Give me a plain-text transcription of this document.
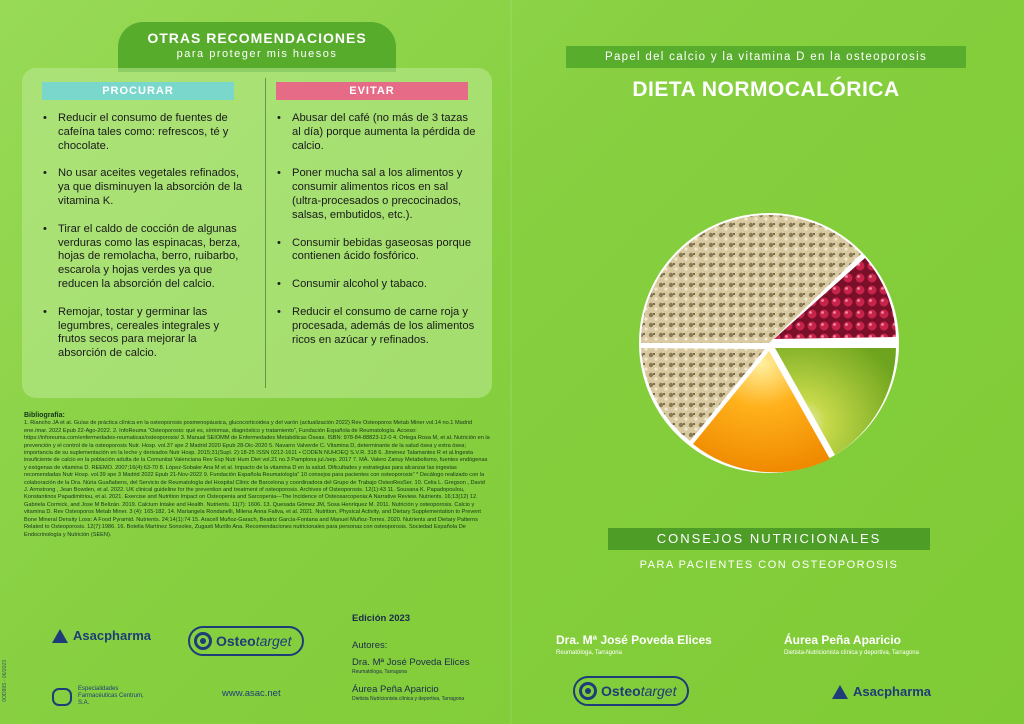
OTRAS RECOMENDACIONES
para proteger mis huesos
PROCURAR
• Reducir el consumo de fuentes de cafeína tales como: refrescos, té y chocolate.
• No usar aceites vegetales refinados, ya que disminuyen la absorción de la vitamina K.
• Tirar el caldo de cocción de algunas verduras como las espinacas, berza, hojas de remolacha, berro, ruibarbo, escarola y hojas verdes ya que reducen la absorción del calcio.
• Remojar, tostar y germinar las legumbres, cereales integrales y frutos secos para mejorar la absorción de calcio.
EVITAR
• Abusar del café (no más de 3 tazas al día) porque aumenta la pérdida de calcio.
• Poner mucha sal a los alimentos y consumir alimentos ricos en sal (ultra-procesados o precocinados, salsas, embutidos, etc.).
• Consumir bebidas gaseosas porque contienen ácido fosfórico.
• Consumir alcohol y tabaco.
• Reducir el consumo de carne roja y procesada, además de los alimentos ricos en azúcar y refinados.
Bibliografía:
1. Riancho JA et al. Guías de práctica clínica en la osteoporosis posmenopáusica, glucocorticoidea y del varón (actualización 2022) Rev Osteoporos Metab Miner vol.14 no.1 Madrid ene./mar. 2022 Epub 22-Ago-2022. 2. InfoReuma “Osteoporosis: qué es, síntomas, diagnóstico y tratamiento”, Fundación Española de Reumatología. Acceso: https://inforeuma.com/enfermedades-reumaticas/osteoporosis/ 3. Manual SEIOMM de Enfermedades Metabólicas Óseas. ISBN: 978-84-88823-12-0 4. Ortega Rosa M, et al. Nutrición en la prevención y el control de la osteoporosis Nutr. Hosp. vol.37 spe 2 Madrid 2020 Epub 28-Dic-2020 5. Navarro Valverde C. Vitamina D, determinante de la salud ósea y extra ósea; importancia de su suplementación en la leche y derivados Nutr Hosp. 2015;31(Supl. 2):18-25 ISSN 0212-1611 • CODEN NUHOEQ S.V.R. 318 6. Jiménez Talamantes R et al.Ingesta insuficiente de calcio en la población adulta de la Comunitat Valenciana Rev Esp Nutr Hum Diet vol.21 no.3 Pamplona jul./sep. 2017 7. MÁ. Valero Zanuy Metabolismo, fuentes endógenas y exógenas de vitamina D. REEMO. 2007;16(4):63-70 8. López-Sobaler Ana M et al. Impacto de la vitamina D en la salud. Dificultades y estrategias para alcanzar las ingestas recomendadas Nutr Hosp. vol.39 spe 3 Madrid 2022 Epub 21-Nov-2022 9. Fundación Española Reumatología” 10 consejos para pacientes con osteoporosis” * Decálogo realizado con la colaboración de la Dra. Núria Guañabens, del Servicio de Reumatología del Hospital Clínic de Barcelona y coordinadora del Grupo de Trabajo OsteoResSer. 10. Celia L. Gregson , David J. Armstrong , Jean Bowden, et al. 2022. UK clinical guideline for the prevention and treatment of osteoporosis. Archives of Osteoporosis. 12(1):43 11. Sousana K. Papadopoulou, Konstantinos Papadimitriou, et al. 2021. Exercise and Nutrition Impact on Osteopenia and Sarcopenia—The Incidence of Osteosarcopenia:A Narrative Review. Nutrients. 16;13(12) 12. Gabriela Cormick, and Jose M Belizán. 2019. Calcium Intake and Health. Nutrients. 11(7): 1606. 13. Quesada Gómez JM, Sosa Henríquez M. 2011. Nutrición y osteoporosis. Calcio y vitamina D. Rev Osteoporos Metab Miner. 3 (4): 165-182. 14. Mariangela Rondanelli, Milena Anna Faliva, et al. 2021. Nutrition, Physical Activity, and Dietary Supplementation to Prevent Bone Mineral Density Loss: A Food Pyramid. Nutrients. 24;14(1):74 15. Aracell Muñoz-Garach, Beatriz García-Fontana and Manuel Muñoz-Torres. 2020. Nutrients and Dietary Patterns Related to Osteoporosis. 12(7):1986. 16. Botella Martínez Sonsoles, Zugasti Murillo Ana. Recomendaciones nutricionales para personas con osteoporosis. Sociedad Española De Endocrinología y Nutrición (SEEN).
Asacpharma	Osteotarget
Especialidades Farmacéuticas Centrum, S.A.
www.asac.net
0OD99S - 06/2023
Edición 2023
Autores:
Dra. Mª José Poveda Elices
Reumatóloga, Tarragona
Áurea Peña Aparicio
Dietista Nutricionista clínica y deportiva, Tarragona
Papel del calcio y la vitamina D en la osteoporosis
DIETA NORMOCALÓRICA
CONSEJOS NUTRICIONALES
PARA PACIENTES CON OSTEOPOROSIS
Dra. Mª José Poveda Elices
Reumatóloga, Tarragona
Áurea Peña Aparicio
Dietista-Nutricionista clínica y deportiva, Tarragona
Osteotarget	Asacpharma
